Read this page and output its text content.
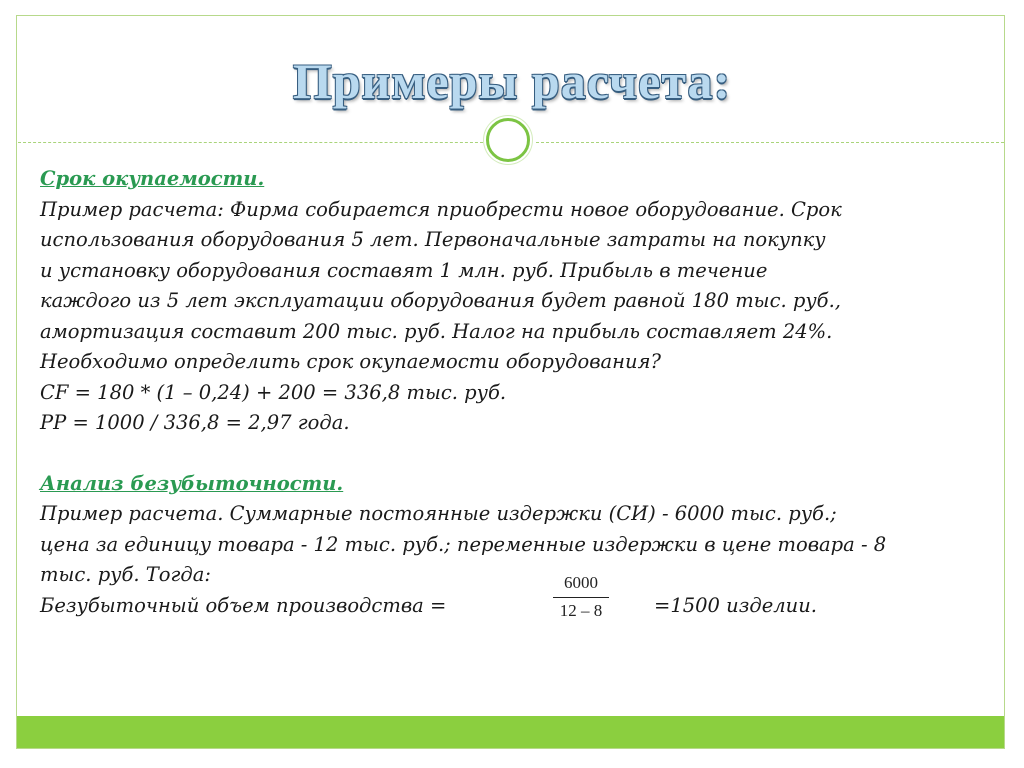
Примеры расчета:
Срок окупаемости.
Пример расчета: Фирма собирается приобрести новое оборудование. Срок
использования оборудования 5 лет. Первоначальные затраты на покупку
и установку оборудования составят 1 млн. руб. Прибыль в течение
каждого из 5 лет эксплуатации оборудования будет равной 180 тыс. руб.,
амортизация составит 200 тыс. руб. Налог на прибыль составляет 24%.
Необходимо определить срок окупаемости оборудования?
CF = 180 * (1 – 0,24) + 200 = 336,8 тыс. руб.
PP = 1000 / 336,8 = 2,97 года.
Анализ безубыточности.
Пример расчета. Суммарные постоянные издержки (СИ) - 6000 тыс. руб.;
цена за единицу товара - 12 тыс. руб.; переменные издержки в цене товара - 8
тыс. руб. Тогда:
Безубыточный объем производства =
6000
12 – 8	=1500 изделии.
